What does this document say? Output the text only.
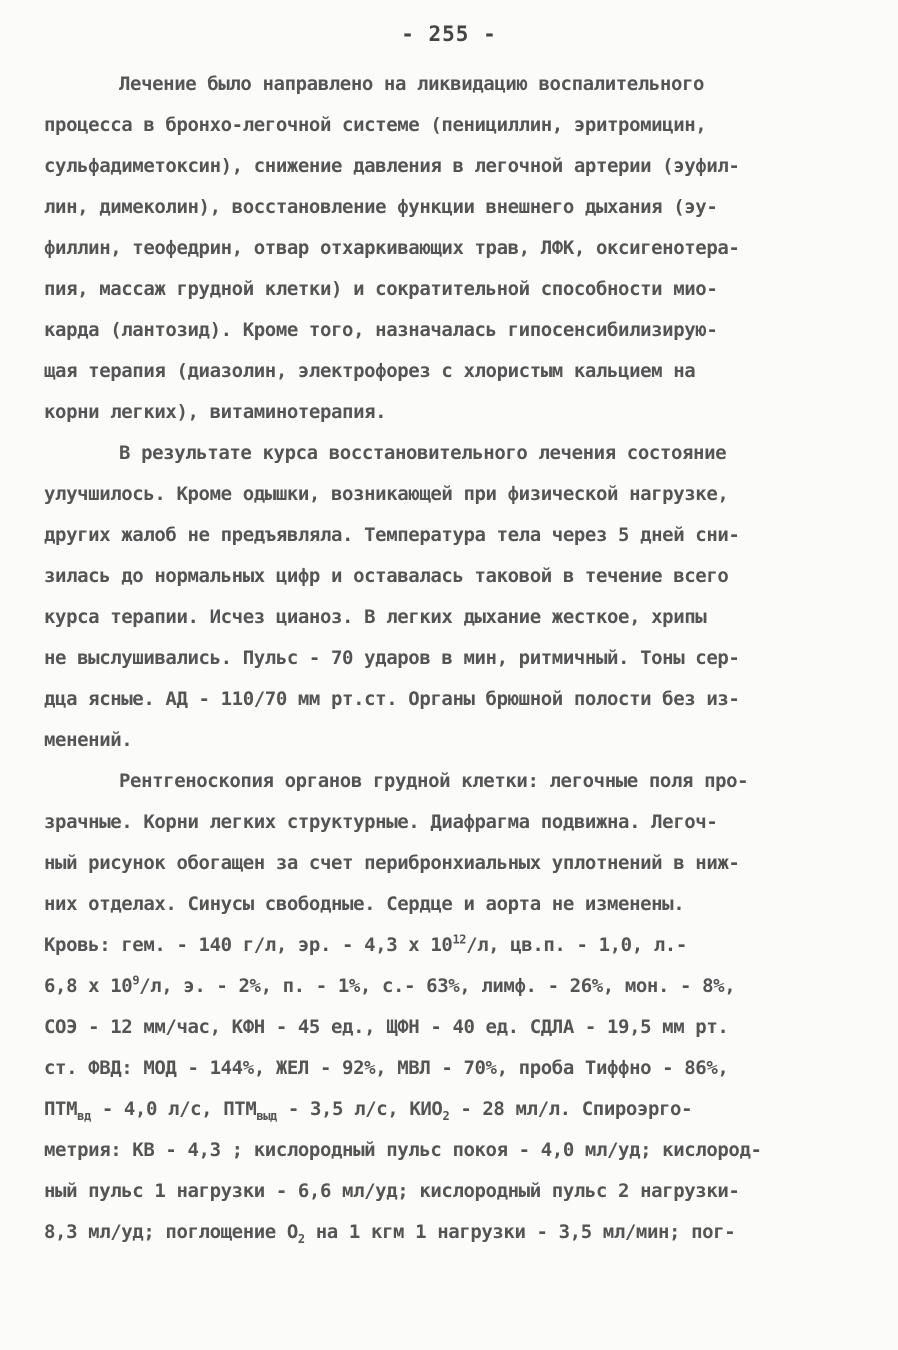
- 255 -
Лечение было направлено на ликвидацию воспалительного
процесса в бронхо-легочной системе (пенициллин, эритромицин,
сульфадиметоксин), снижение давления в легочной артерии (эуфил-
лин, димеколин), восстановление функции внешнего дыхания (эу-
филлин, теофедрин, отвар отхаркивающих трав, ЛФК, оксигенотера-
пия, массаж грудной клетки) и сократительной способности мио-
карда (лантозид). Кроме того, назначалась гипосенсибилизирую-
щая терапия (диазолин, электрофорез с хлористым кальцием на
корни легких), витаминотерапия.
В результате курса восстановительного лечения состояние
улучшилось. Кроме одышки, возникающей при физической нагрузке,
других жалоб не предъявляла. Температура тела через 5 дней сни-
зилась до нормальных цифр и оставалась таковой в течение всего
курса терапии. Исчез цианоз. В легких дыхание жесткое, хрипы
не выслушивались. Пульс - 70 ударов в мин, ритмичный. Тоны сер-
дца ясные. АД - 110/70 мм рт.ст. Органы брюшной полости без из-
менений.
Рентгеноскопия органов грудной клетки: легочные поля про-
зрачные. Корни легких структурные. Диафрагма подвижна. Легоч-
ный рисунок обогащен за счет перибронхиальных уплотнений в ниж-
них отделах. Синусы свободные. Сердце и аорта не изменены.
Кровь: гем. - 140 г/л, эр. - 4,3 х $10^{12}/л$, цв.п. - 1,0, л.-
6,8 х $10^9/л$, э. - 2%, п. - 1%, с.- 63%, лимф. - 26%, мон. - 8%,
СОЭ - 12 мм/час, КФН - 45 ед., ЩФН - 40 ед. СДЛА - 19,5 мм рт.
ст. ФВД: МОД - 144%, ЖЕЛ - 92%, МВЛ - 70%, проба Тиффно - 86%,
$ПТМ_{вд} - 4,0$ л/с, $ПТМ_{выд} - 3,5$ л/с, $КИО_2 - 28$ мл/л. Спироэрго-
метрия: КВ - 4,3 ; кислородный пульс покоя - 4,0 мл/уд; кислород-
ный пульс 1 нагрузки - 6,6 мл/уд; кислородный пульс 2 нагрузки-
8,3 мл/уд; поглощение $О_2$ на 1 кгм 1 нагрузки - 3,5 мл/мин; пог-
